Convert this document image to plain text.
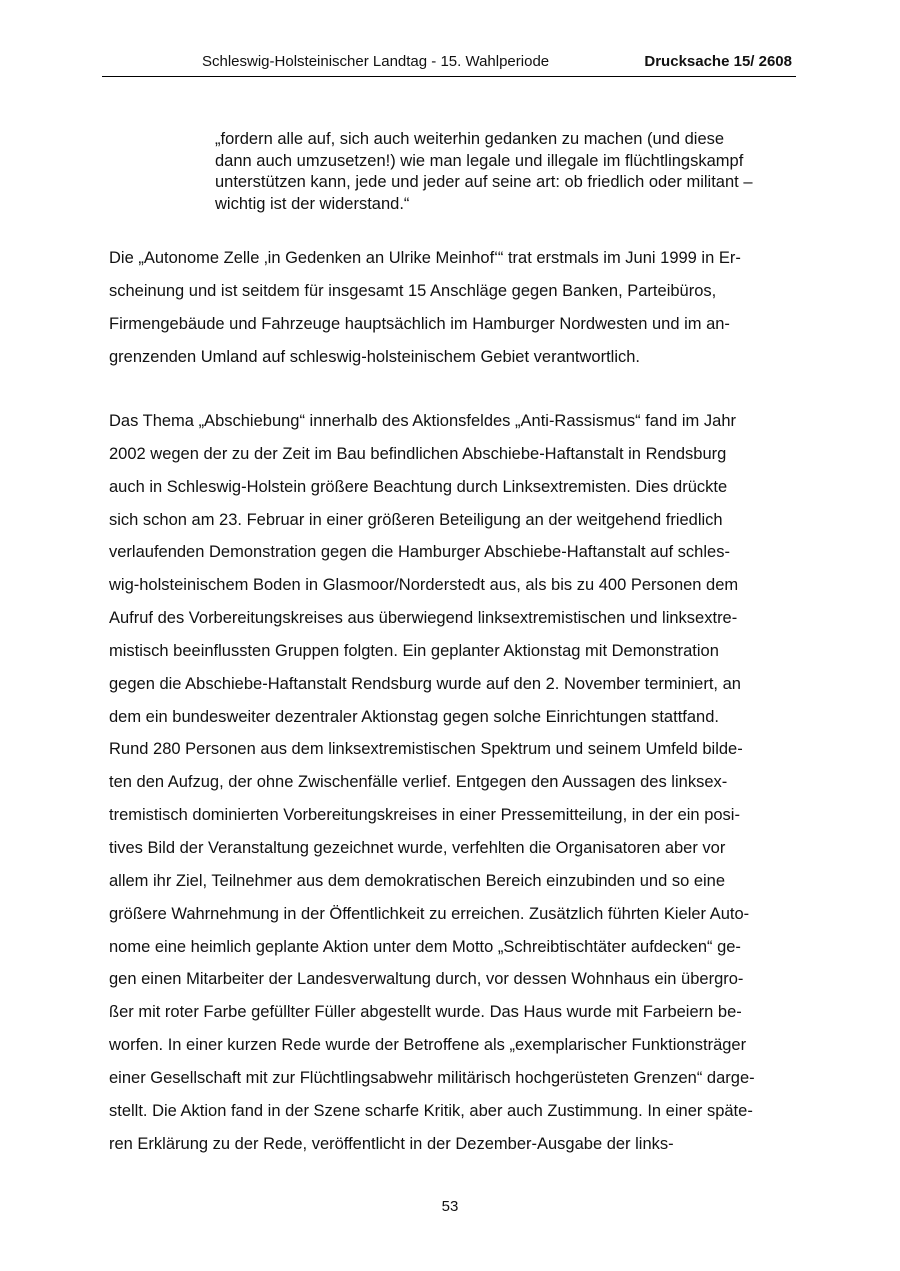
Schleswig-Holsteinischer Landtag - 15. Wahlperiode	Drucksache 15/ 2608
„fordern alle auf, sich auch weiterhin gedanken zu machen (und diese
dann auch umzusetzen!) wie man legale und illegale im flüchtlingskampf
unterstützen kann, jede und jeder auf seine art: ob friedlich oder militant –
wichtig ist der widerstand.“
Die „Autonome Zelle ‚in Gedenken an Ulrike Meinhof‘“ trat erstmals im Juni 1999 in Er-
scheinung und ist seitdem für insgesamt 15 Anschläge gegen Banken, Parteibüros,
Firmengebäude und Fahrzeuge hauptsächlich im Hamburger Nordwesten und im an-
grenzenden Umland auf schleswig-holsteinischem Gebiet verantwortlich.
Das Thema „Abschiebung“ innerhalb des Aktionsfeldes „Anti-Rassismus“ fand im Jahr
2002 wegen der zu der Zeit im Bau befindlichen Abschiebe-Haftanstalt in Rendsburg
auch in Schleswig-Holstein größere Beachtung durch Linksextremisten. Dies drückte
sich schon am 23. Februar in einer größeren Beteiligung an der weitgehend friedlich
verlaufenden Demonstration gegen die Hamburger Abschiebe-Haftanstalt auf schles-
wig-holsteinischem Boden in Glasmoor/Norderstedt aus, als bis zu 400 Personen dem
Aufruf des Vorbereitungskreises aus überwiegend linksextremistischen und linksextre-
mistisch beeinflussten Gruppen folgten. Ein geplanter Aktionstag mit Demonstration
gegen die Abschiebe-Haftanstalt Rendsburg wurde auf den 2. November terminiert, an
dem ein bundesweiter dezentraler Aktionstag gegen solche Einrichtungen stattfand.
Rund 280 Personen aus dem linksextremistischen Spektrum und seinem Umfeld bilde-
ten den Aufzug, der ohne Zwischenfälle verlief. Entgegen den Aussagen des linksex-
tremistisch dominierten Vorbereitungskreises in einer Pressemitteilung, in der ein posi-
tives Bild der Veranstaltung gezeichnet wurde, verfehlten die Organisatoren aber vor
allem ihr Ziel, Teilnehmer aus dem demokratischen Bereich einzubinden und so eine
größere Wahrnehmung in der Öffentlichkeit zu erreichen. Zusätzlich führten Kieler Auto-
nome eine heimlich geplante Aktion unter dem Motto „Schreibtischtäter aufdecken“ ge-
gen einen Mitarbeiter der Landesverwaltung durch, vor dessen Wohnhaus ein übergro-
ßer mit roter Farbe gefüllter Füller abgestellt wurde. Das Haus wurde mit Farbeiern be-
worfen. In einer kurzen Rede wurde der Betroffene als „exemplarischer Funktionsträger
einer Gesellschaft mit zur Flüchtlingsabwehr militärisch hochgerüsteten Grenzen“ darge-
stellt. Die Aktion fand in der Szene scharfe Kritik, aber auch Zustimmung. In einer späte-
ren Erklärung zu der Rede, veröffentlicht in der Dezember-Ausgabe der links-
53
